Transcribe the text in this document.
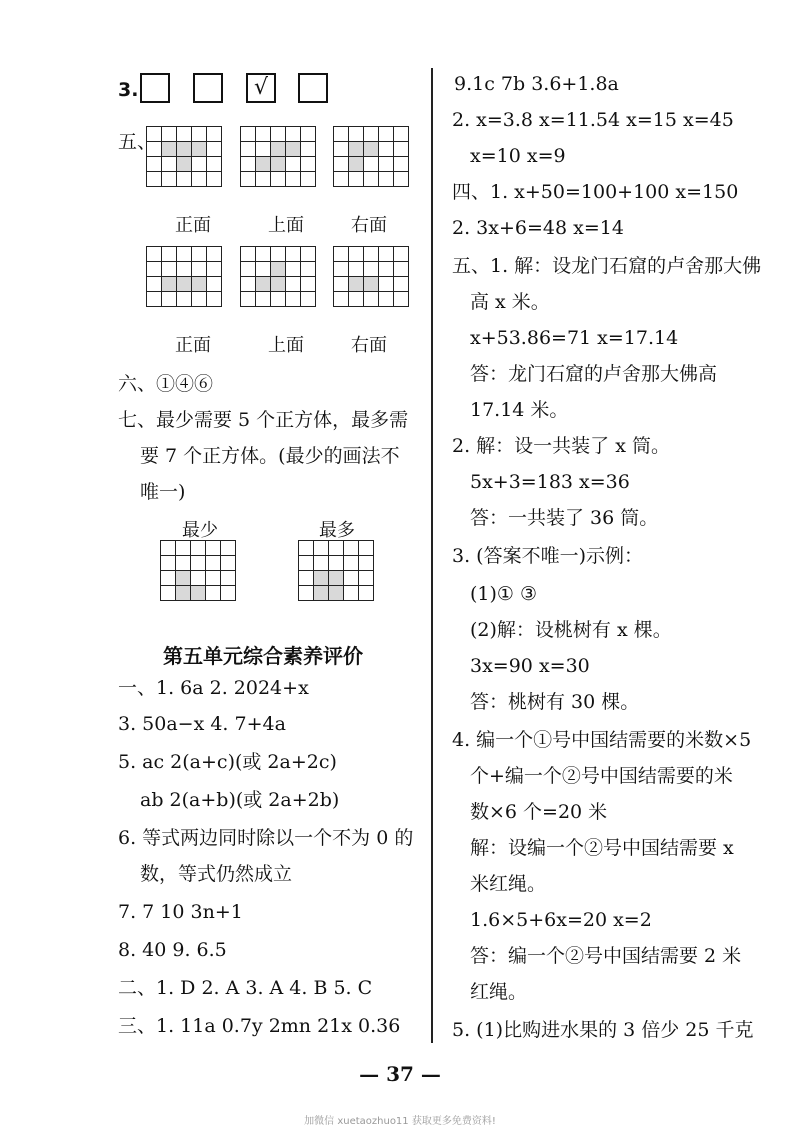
3.	√
五、

正面	上面	右面

正面	上面	右面
六、①④⑥
七、最少需要 5 个正方体，最多需
要 7 个正方体。(最少的画法不
唯一)
最少	最多

第五单元综合素养评价
一、1. 6a 2. 2024+x
3. 50a−x 4. 7+4a
5. ac 2(a+c)(或 2a+2c)
ab 2(a+b)(或 2a+2b)
6. 等式两边同时除以一个不为 0 的
数，等式仍然成立
7. 7 10 3n+1
8. 40 9. 6.5
二、1. D 2. A 3. A 4. B 5. C
三、1. 11a 0.7y 2mn 21x 0.36
9.1c 7b 3.6+1.8a
2. x=3.8 x=11.54 x=15 x=45
x=10 x=9
四、1. x+50=100+100 x=150
2. 3x+6=48 x=14
五、1. 解：设龙门石窟的卢舍那大佛
高 x 米。
x+53.86=71 x=17.14
答：龙门石窟的卢舍那大佛高
17.14 米。
2. 解：设一共装了 x 筒。
5x+3=183 x=36
答：一共装了 36 筒。
3. (答案不唯一)示例：
(1)① ③
(2)解：设桃树有 x 棵。
3x=90 x=30
答：桃树有 30 棵。
4. 编一个①号中国结需要的米数×5
个+编一个②号中国结需要的米
数×6 个=20 米
解：设编一个②号中国结需要 x
米红绳。
1.6×5+6x=20 x=2
答：编一个②号中国结需要 2 米
红绳。
5. (1)比购进水果的 3 倍少 25 千克
— 37 —
加微信 xuetaozhuo11 获取更多免费资料!
